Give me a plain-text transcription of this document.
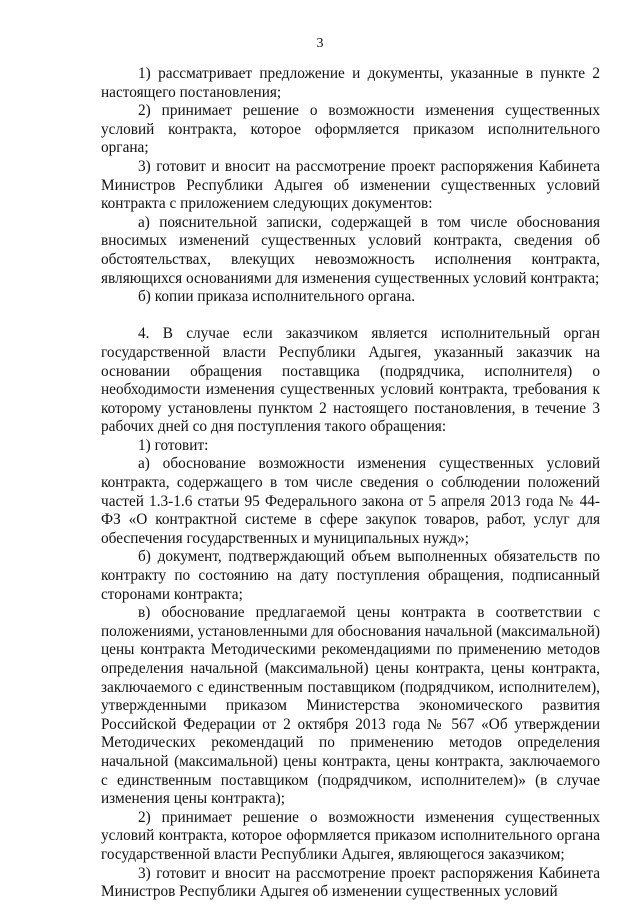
3

1) рассматривает предложение и документы, указанные в пункте 2 настоящего постановления;

2) принимает решение о возможности изменения существенных условий контракта, которое оформляется приказом исполнительного органа;

3) готовит и вносит на рассмотрение проект распоряжения Кабинета Министров Республики Адыгея об изменении существенных условий контракта с приложением следующих документов:

а) пояснительной записки, содержащей в том числе обоснования вносимых изменений существенных условий контракта, сведения об обстоятельствах, влекущих невозможность исполнения контракта, являющихся основаниями для изменения существенных условий контракта;

б) копии приказа исполнительного органа.

4. В случае если заказчиком является исполнительный орган государственной власти Республики Адыгея, указанный заказчик на основании обращения поставщика (подрядчика, исполнителя) о необходимости изменения существенных условий контракта, требования к которому установлены пунктом 2 настоящего постановления, в течение 3 рабочих дней со дня поступления такого обращения:

1) готовит:

а) обоснование возможности изменения существенных условий контракта, содержащего в том числе сведения о соблюдении положений частей 1.3-1.6 статьи 95 Федерального закона от 5 апреля 2013 года № 44-ФЗ «О контрактной системе в сфере закупок товаров, работ, услуг для обеспечения государственных и муниципальных нужд»;

б) документ, подтверждающий объем выполненных обязательств по контракту по состоянию на дату поступления обращения, подписанный сторонами контракта;

в) обоснование предлагаемой цены контракта в соответствии с положениями, установленными для обоснования начальной (максимальной) цены контракта Методическими рекомендациями по применению методов определения начальной (максимальной) цены контракта, цены контракта, заключаемого с единственным поставщиком (подрядчиком, исполнителем), утвержденными приказом Министерства экономического развития Российской Федерации от 2 октября 2013 года № 567 «Об утверждении Методических рекомендаций по применению методов определения начальной (максимальной) цены контракта, цены контракта, заключаемого с единственным поставщиком (подрядчиком, исполнителем)» (в случае изменения цены контракта);

2) принимает решение о возможности изменения существенных условий контракта, которое оформляется приказом исполнительного органа государственной власти Республики Адыгея, являющегося заказчиком;

3) готовит и вносит на рассмотрение проект распоряжения Кабинета Министров Республики Адыгея об изменении существенных условий
